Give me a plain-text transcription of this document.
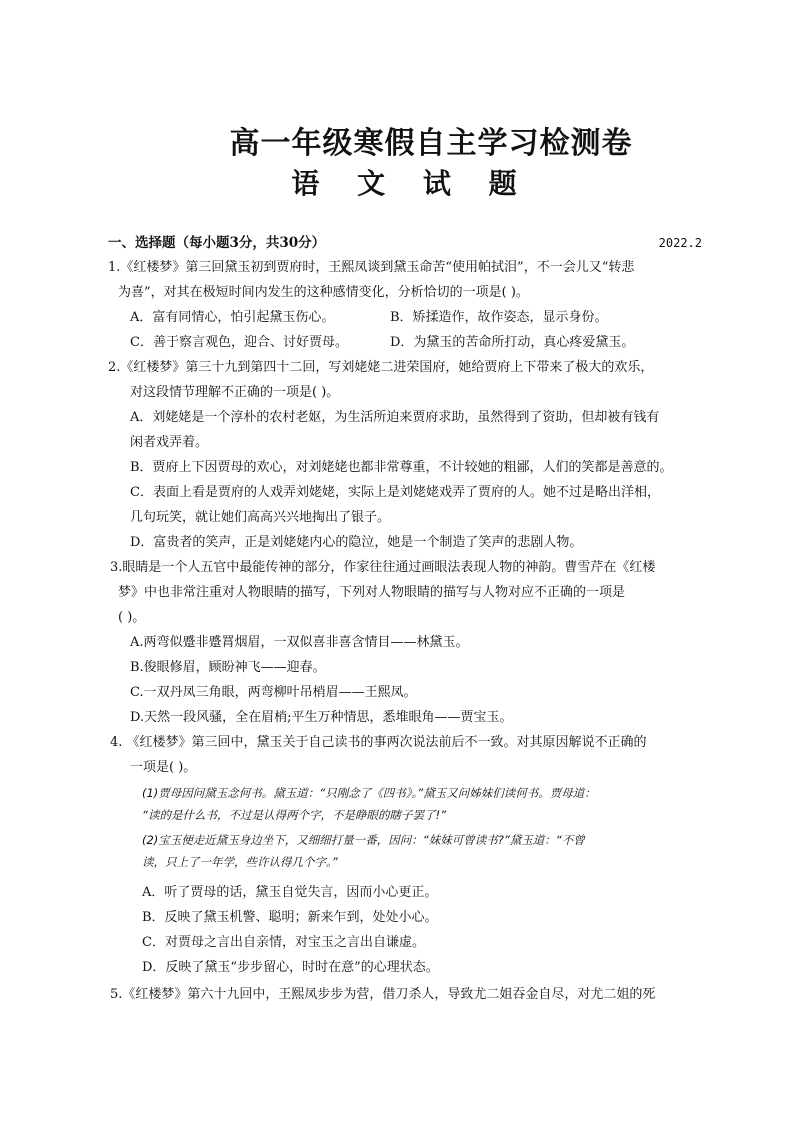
高一年级寒假自主学习检测卷
语 文 试 题
2022.2
一、选择题（每小题3分，共30分）
1.《红楼梦》第三回黛玉初到贾府时，王熙凤谈到黛玉命苦“使用帕拭泪”，不一会儿又“转悲
为喜”，对其在极短时间内发生的这种感情变化，分析恰切的一项是( )。
A．富有同情心，怕引起黛玉伤心。	B．矫揉造作，故作姿态，显示身份。
C．善于察言观色，迎合、讨好贾母。	D．为黛玉的苦命所打动，真心疼爱黛玉。
2.《红楼梦》第三十九到第四十二回，写刘姥姥二进荣国府，她给贾府上下带来了极大的欢乐，
对这段情节理解不正确的一项是( )。
A．刘姥姥是一个淳朴的农村老妪，为生活所迫来贾府求助，虽然得到了资助，但却被有钱有
闲者戏弄着。
B．贾府上下因贾母的欢心，对刘姥姥也都非常尊重，不计较她的粗鄙，人们的笑都是善意的。
C．表面上看是贾府的人戏弄刘姥姥，实际上是刘姥姥戏弄了贾府的人。她不过是略出洋相，
几句玩笑，就让她们高高兴兴地掏出了银子。
D．富贵者的笑声，正是刘姥姥内心的隐泣，她是一个制造了笑声的悲剧人物。
3.眼睛是一个人五官中最能传神的部分，作家往往通过画眼法表现人物的神韵。曹雪芹在《红楼
梦》中也非常注重对人物眼睛的描写，下列对人物眼睛的描写与人物对应不正确的一项是
( )。
A.两弯似蹙非蹙罥烟眉，一双似喜非喜含情目——林黛玉。
B.俊眼修眉，顾盼神飞——迎春。
C.一双丹凤三角眼，两弯柳叶吊梢眉——王熙凤。
D.天然一段风骚，全在眉梢;平生万种情思，悉堆眼角——贾宝玉。
4. 《红楼梦》第三回中，黛玉关于自己读书的事两次说法前后不一致。对其原因解说不正确的
一项是( )。
(1)贾母因问黛玉念何书。黛玉道：“只刚念了《四书》。”黛玉又问姊妹们读何书。贾母道：
“读的是什么书，不过是认得两个字，不是睁眼的瞎子罢了!”
(2)宝玉便走近黛玉身边坐下，又细细打量一番，因问：“妹妹可曾读书?”黛玉道：“不曾
读，只上了一年学，些许认得几个字。”
A．听了贾母的话，黛玉自觉失言，因而小心更正。
B．反映了黛玉机警、聪明；新来乍到，处处小心。
C．对贾母之言出自亲情，对宝玉之言出自谦虚。
D．反映了黛玉“步步留心，时时在意”的心理状态。
5.《红楼梦》第六十九回中，王熙凤步步为营，借刀杀人，导致尤二姐吞金自尽，对尤二姐的死
